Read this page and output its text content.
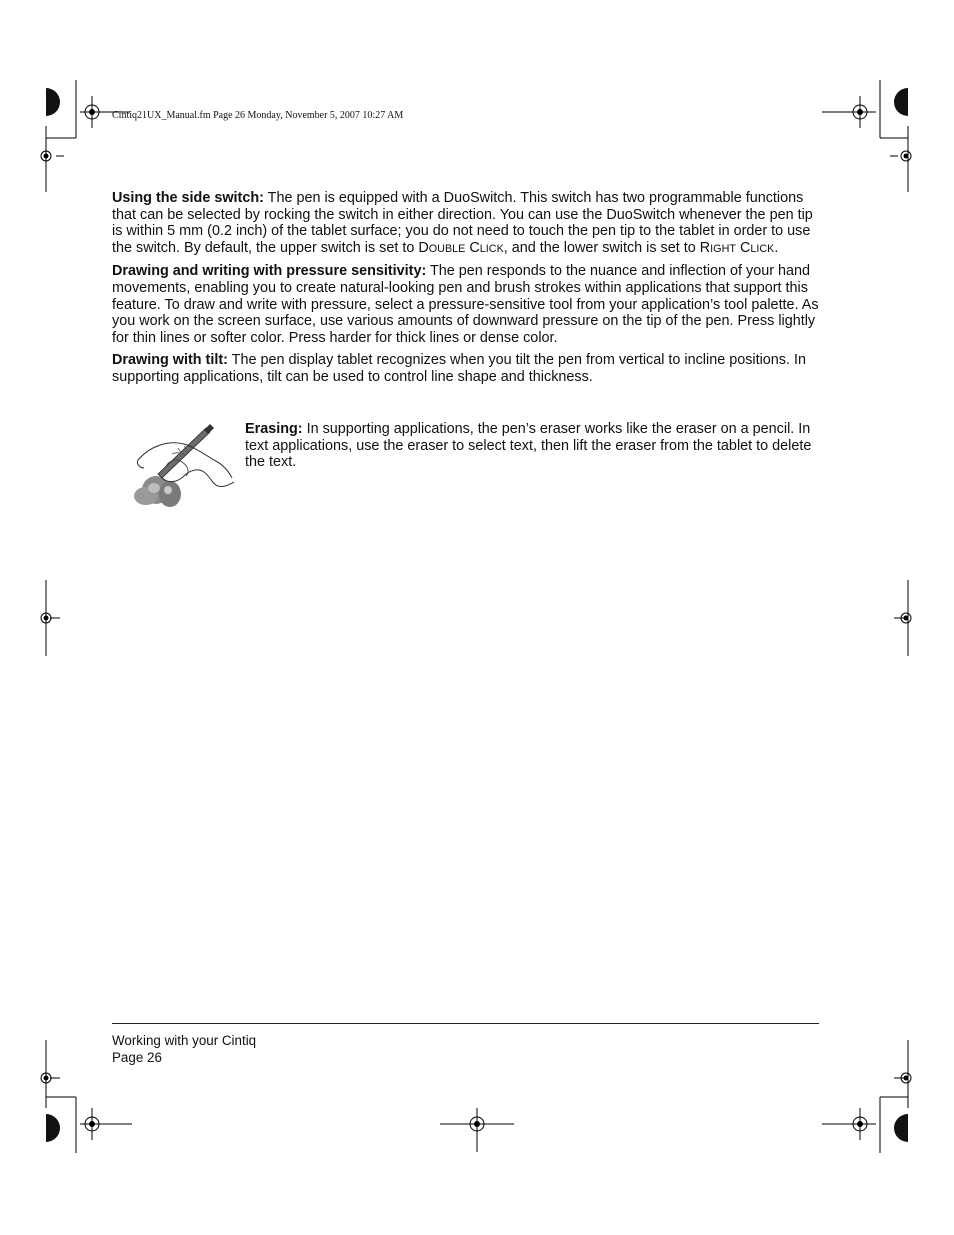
Cintiq21UX_Manual.fm Page 26 Monday, November 5, 2007 10:27 AM

Using the side switch: The pen is equipped with a DuoSwitch. This switch has two programmable functions that can be selected by rocking the switch in either direction. You can use the DuoSwitch whenever the pen tip is within 5 mm (0.2 inch) of the tablet surface; you do not need to touch the pen tip to the tablet in order to use the switch. By default, the upper switch is set to DOUBLE CLICK, and the lower switch is set to RIGHT CLICK.

Drawing and writing with pressure sensitivity: The pen responds to the nuance and inflection of your hand movements, enabling you to create natural-looking pen and brush strokes within applications that support this feature. To draw and write with pressure, select a pressure-sensitive tool from your application’s tool palette. As you work on the screen surface, use various amounts of downward pressure on the tip of the pen. Press lightly for thin lines or softer color. Press harder for thick lines or dense color.

Drawing with tilt: The pen display tablet recognizes when you tilt the pen from vertical to incline positions. In supporting applications, tilt can be used to control line shape and thickness.

Erasing: In supporting applications, the pen’s eraser works like the eraser on a pencil. In text applications, use the eraser to select text, then lift the eraser from the tablet to delete the text.
Working with your Cintiq
Page 26
